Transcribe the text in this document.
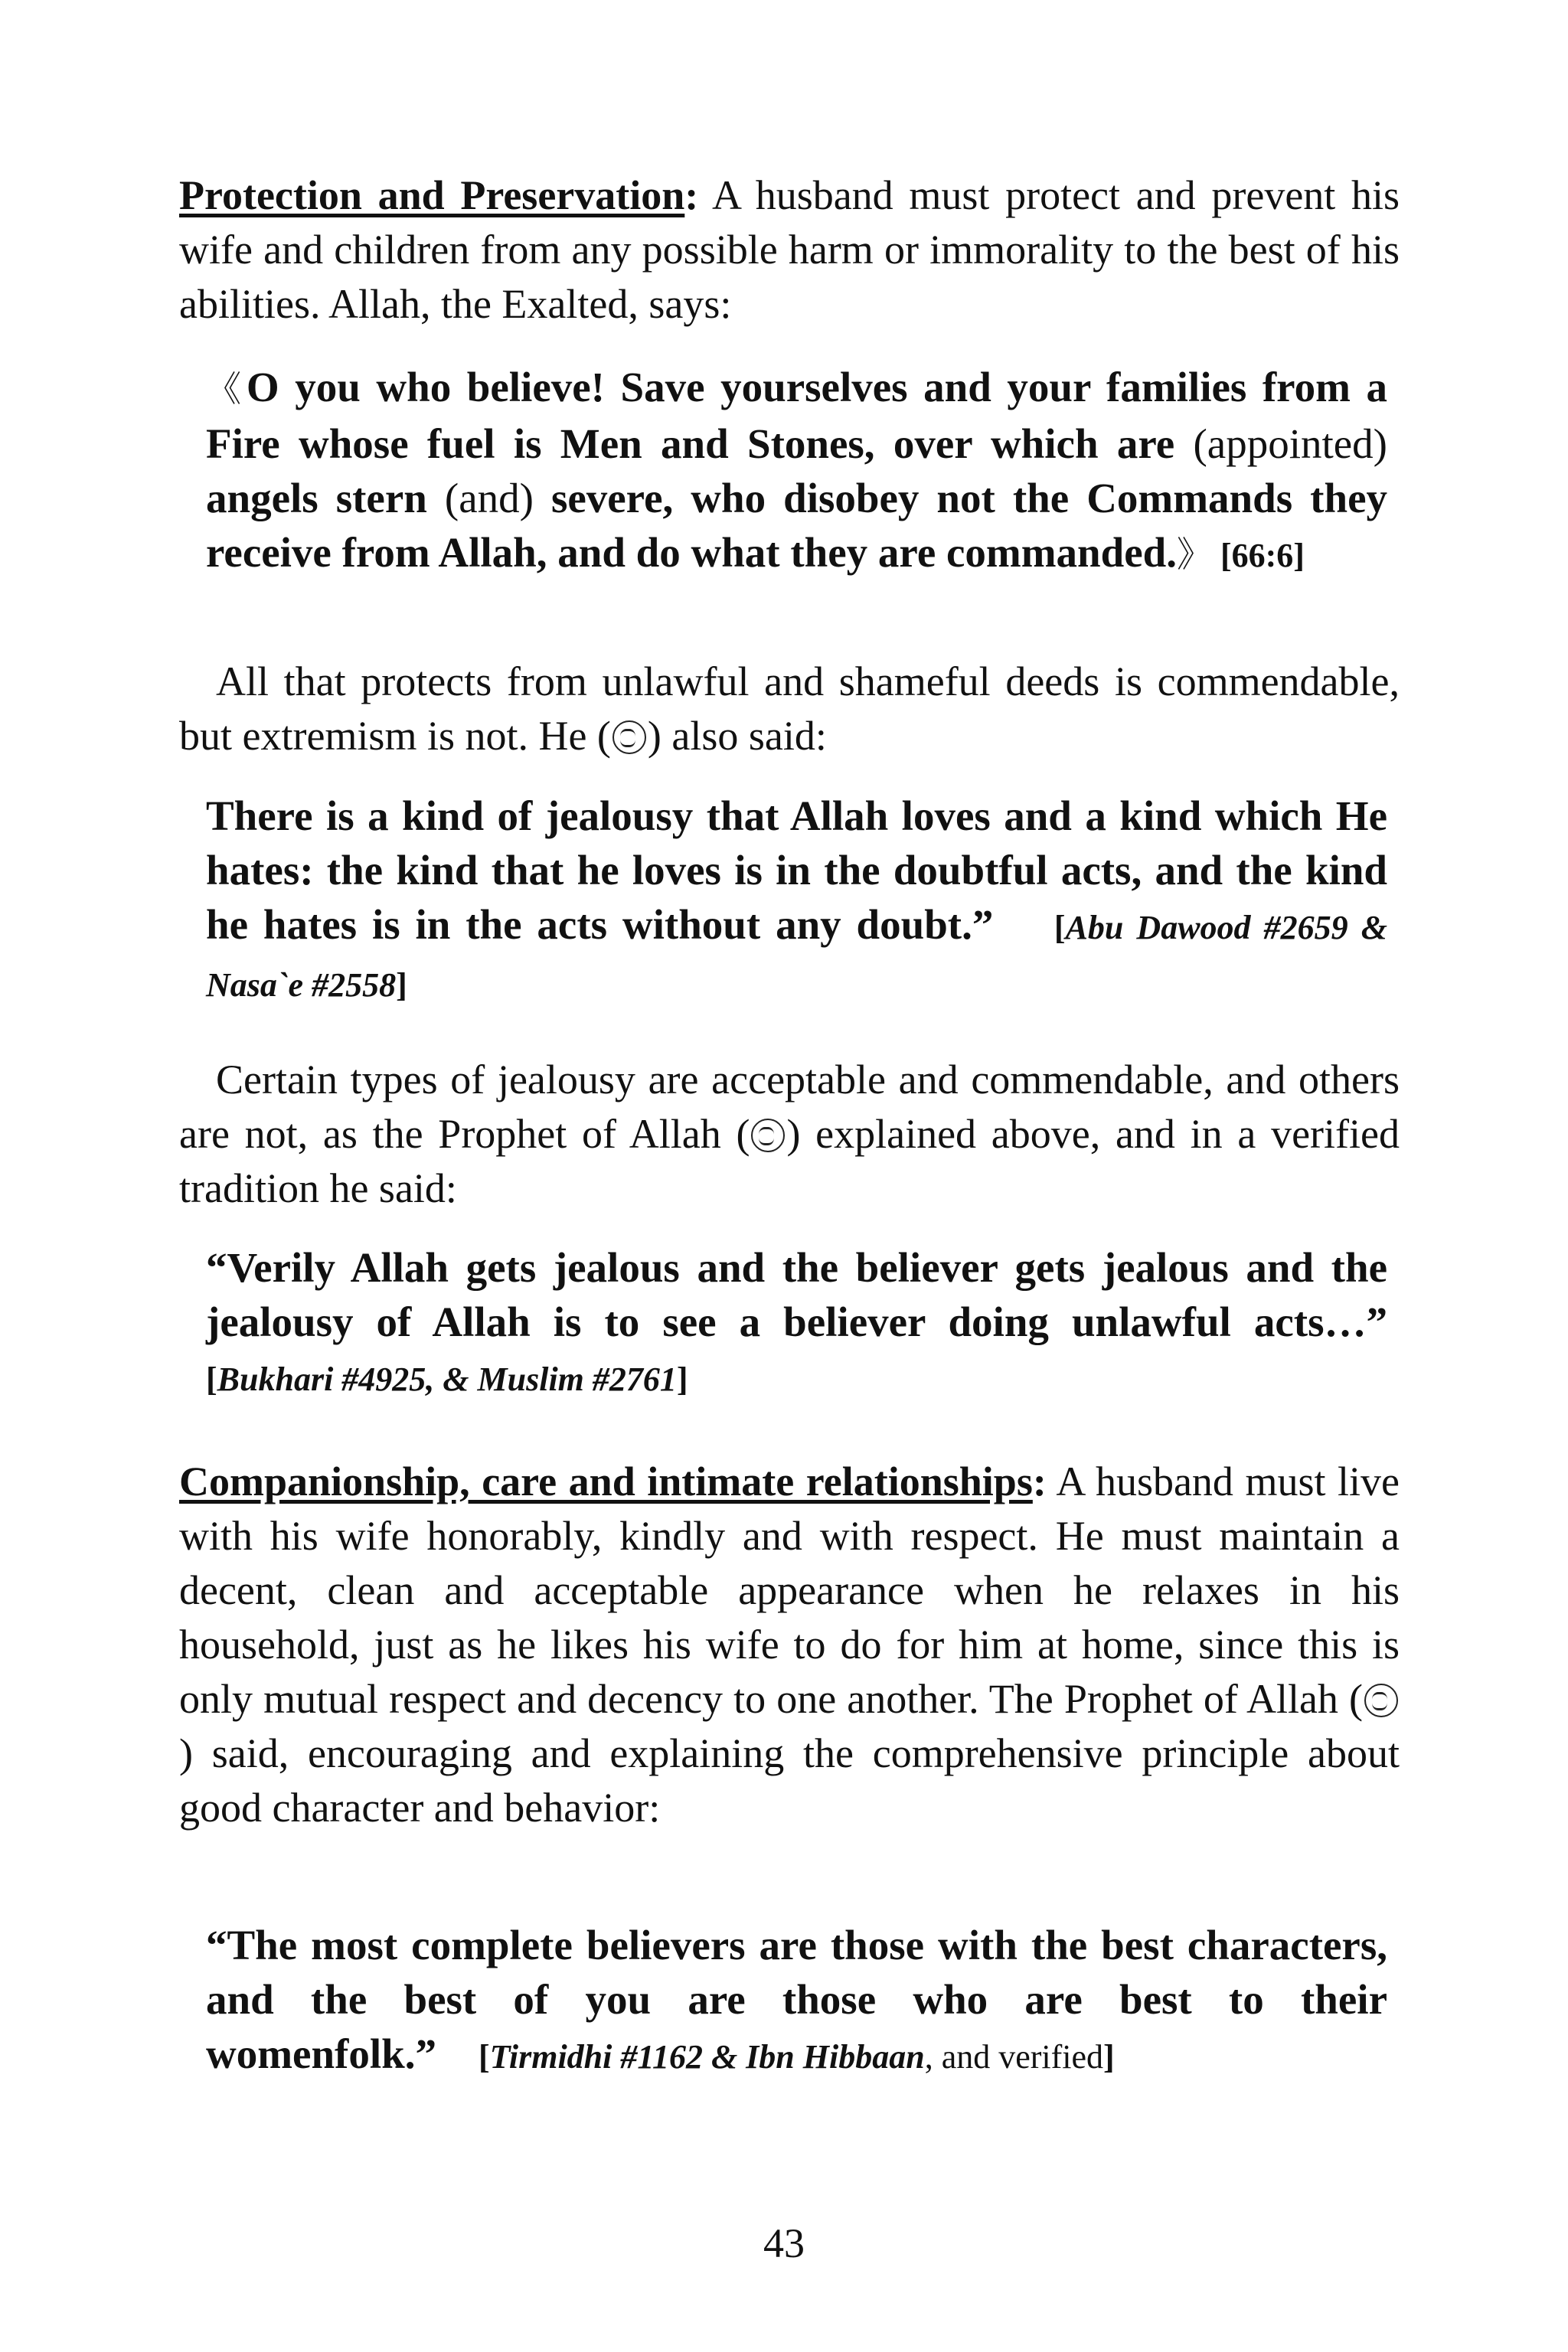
Protection and Preservation: A husband must protect and prevent his wife and children from any possible harm or immorality to the best of his abilities. Allah, the Exalted, says:

《O you who believe! Save yourselves and your families from a Fire whose fuel is Men and Stones, over which are (appointed) angels stern (and) severe, who disobey not the Commands they receive from Allah, and do what they are commanded.》 [66:6]

All that protects from unlawful and shameful deeds is commendable, but extremism is not. He ( ) also said:

There is a kind of jealousy that Allah loves and a kind which He hates: the kind that he loves is in the doubtful acts, and the kind he hates is in the acts without any doubt.” [Abu Dawood #2659 & Nasa`e #2558]

Certain types of jealousy are acceptable and commendable, and others are not, as the Prophet of Allah ( ) explained above, and in a verified tradition he said:

“Verily Allah gets jealous and the believer gets jealous and the jealousy of Allah is to see a believer doing unlawful acts…” [Bukhari #4925, & Muslim #2761]

Companionship, care and intimate relationships: A husband must live with his wife honorably, kindly and with respect. He must maintain a decent, clean and acceptable appearance when he relaxes in his household, just as he likes his wife to do for him at home, since this is only mutual respect and decency to one another. The Prophet of Allah () said, encouraging and explaining the comprehensive principle about good character and behavior:

“The most complete believers are those with the best characters, and the best of you are those who are best to their womenfolk.” [Tirmidhi #1162 & Ibn Hibbaan, and verified]

43
